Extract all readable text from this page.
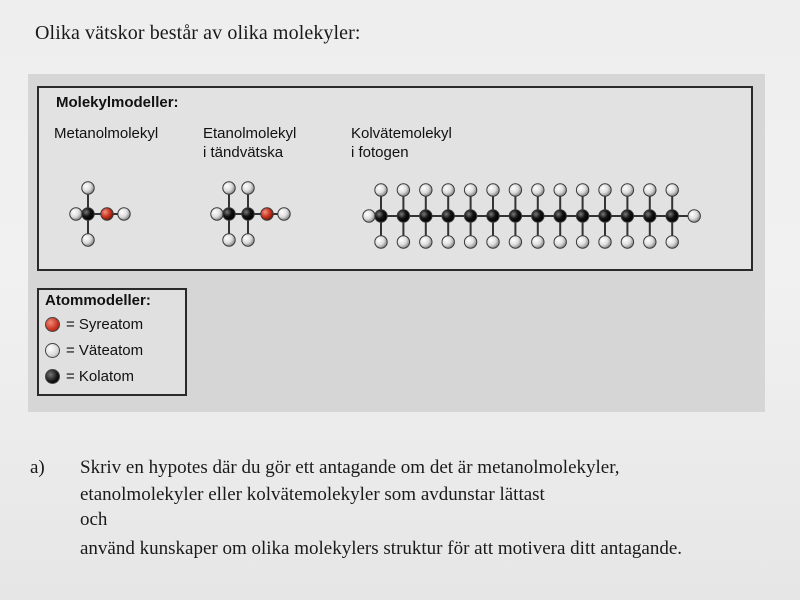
Olika vätskor består av olika molekyler:
Molekylmodeller:
Metanolmolekyl	Etanolmolekyl
i tändvätska
Kolvätemolekyl
i fotogen
Atommodeller:
= Syreatom
= Väteatom
= Kolatom
a) Skriv en hypotes där du gör ett antagande om det är metanolmolekyler,
etanolmolekyler eller kolvätemolekyler som avdunstar lättast
och
använd kunskaper om olika molekylers struktur för att motivera ditt antagande.
